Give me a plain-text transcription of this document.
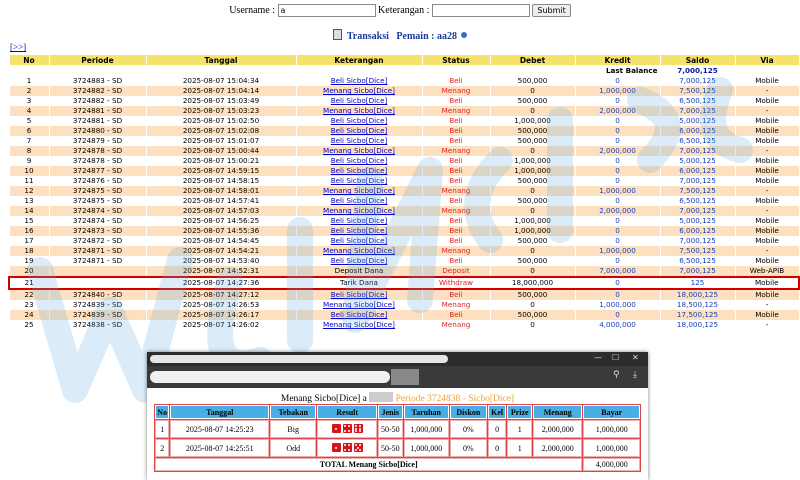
Username : a	Keterangan :	Submit
Transaksi Pemain : aa28
[>>]
No	Periode	Tanggal	Keterangan	Status	Debet	Kredit	Saldo	Via
Last Balance							7,000,125	
1	3724883 - SD	2025-08-07 15:04:34	Beli Sicbo[Dice]	Beli	500,000	0	7,000,125	Mobile
2	3724882 - SD	2025-08-07 15:04:14	Menang Sicbo[Dice]	Menang	0	1,000,000	7,500,125	-
3	3724882 - SD	2025-08-07 15:03:49	Beli Sicbo[Dice]	Beli	500,000	0	6,500,125	Mobile
4	3724881 - SD	2025-08-07 15:03:23	Menang Sicbo[Dice]	Menang	0	2,000,000	7,000,125	-
5	3724881 - SD	2025-08-07 15:02:50	Beli Sicbo[Dice]	Beli	1,000,000	0	5,000,125	Mobile
6	3724880 - SD	2025-08-07 15:02:08	Beli Sicbo[Dice]	Beli	500,000	0	6,000,125	Mobile
7	3724879 - SD	2025-08-07 15:01:07	Beli Sicbo[Dice]	Beli	500,000	0	6,500,125	Mobile
8	3724878 - SD	2025-08-07 15:00:44	Menang Sicbo[Dice]	Menang	0	2,000,000	7,000,125	-
9	3724878 - SD	2025-08-07 15:00:21	Beli Sicbo[Dice]	Beli	1,000,000	0	5,000,125	Mobile
10	3724877 - SD	2025-08-07 14:59:15	Beli Sicbo[Dice]	Beli	1,000,000	0	6,000,125	Mobile
11	3724876 - SD	2025-08-07 14:58:15	Beli Sicbo[Dice]	Beli	500,000	0	7,000,125	Mobile
12	3724875 - SD	2025-08-07 14:58:01	Menang Sicbo[Dice]	Menang	0	1,000,000	7,500,125	-
13	3724875 - SD	2025-08-07 14:57:41	Beli Sicbo[Dice]	Beli	500,000	0	6,500,125	Mobile
14	3724874 - SD	2025-08-07 14:57:03	Menang Sicbo[Dice]	Menang	0	2,000,000	7,000,125	-
15	3724874 - SD	2025-08-07 14:56:25	Beli Sicbo[Dice]	Beli	1,000,000	0	5,000,125	Mobile
16	3724873 - SD	2025-08-07 14:55:36	Beli Sicbo[Dice]	Beli	1,000,000	0	6,000,125	Mobile
17	3724872 - SD	2025-08-07 14:54:45	Beli Sicbo[Dice]	Beli	500,000	0	7,000,125	Mobile
18	3724871 - SD	2025-08-07 14:54:21	Menang Sicbo[Dice]	Menang	0	1,000,000	7,500,125	-
19	3724871 - SD	2025-08-07 14:53:40	Beli Sicbo[Dice]	Beli	500,000	0	6,500,125	Mobile
20		2025-08-07 14:52:31	Deposit Dana	Deposit	0	7,000,000	7,000,125	Web-APIB
21		2025-08-07 14:27:36	Tarik Dana	Withdraw	18,000,000	0	125	Mobile
22	3724840 - SD	2025-08-07 14:27:12	Beli Sicbo[Dice]	Beli	500,000	0	18,000,125	Mobile
23	3724839 - SD	2025-08-07 14:26:53	Menang Sicbo[Dice]	Menang	0	1,000,000	18,500,125	-
24	3724839 - SD	2025-08-07 14:26:17	Beli Sicbo[Dice]	Beli	500,000	0	17,500,125	Mobile
25	3724838 - SD	2025-08-07 14:26:02	Menang Sicbo[Dice]	Menang	0	4,000,000	18,000,125	-
— ☐ ✕
⚲ ⤓
Menang Sicbo[Dice] a	Periode 3724838 - Sicbo[Dice]
No	Tanggal	Tebakan	Result	Jenis	Taruhan	Diskon	Kel	Prize	Menang	Bayar
1	2025-08-07 14:25:23	Big		50-50	1,000,000	0%	0	1	2,000,000	1,000,000
2	2025-08-07 14:25:51	Odd		50-50	1,000,000	0%	0	1	2,000,000	1,000,000
TOTAL Menang Sicbo[Dice]										4,000,000
